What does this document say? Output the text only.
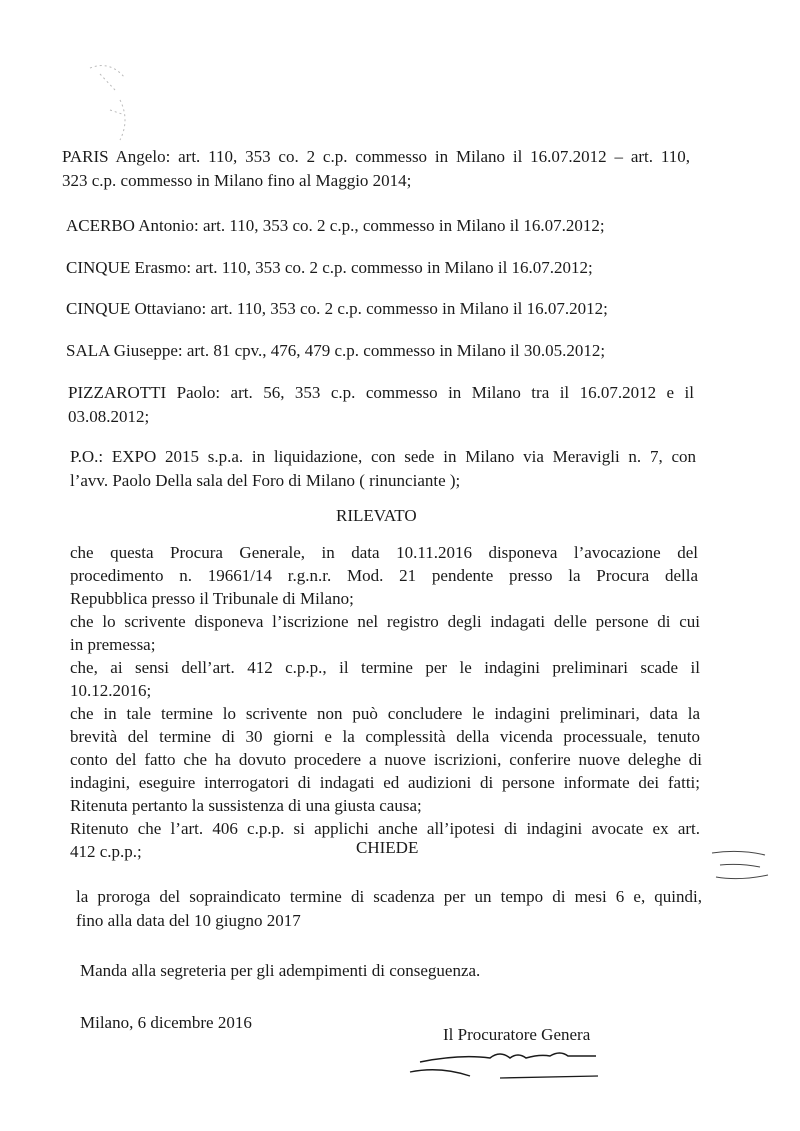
PARIS Angelo: art. 110, 353 co. 2 c.p. commesso in Milano il 16.07.2012 – art. 110,
323 c.p. commesso in Milano fino al Maggio 2014;
ACERBO Antonio: art. 110, 353 co. 2 c.p., commesso in Milano il 16.07.2012;
CINQUE Erasmo: art. 110, 353 co. 2 c.p. commesso in Milano il 16.07.2012;
CINQUE Ottaviano: art. 110, 353 co. 2 c.p. commesso in Milano il 16.07.2012;
SALA Giuseppe: art. 81 cpv., 476, 479 c.p. commesso in Milano il 30.05.2012;
PIZZAROTTI Paolo: art. 56, 353 c.p. commesso in Milano tra il 16.07.2012 e il
03.08.2012;
P.O.: EXPO 2015 s.p.a. in liquidazione, con sede in Milano via Meravigli n. 7, con
l’avv. Paolo Della sala del Foro di Milano ( rinunciante );
RILEVATO
che questa Procura Generale, in data 10.11.2016 disponeva l’avocazione del
procedimento n. 19661/14 r.g.n.r. Mod. 21 pendente presso la Procura della
Repubblica presso il Tribunale di Milano;
che lo scrivente disponeva l’iscrizione nel registro degli indagati delle persone di cui
in premessa;
che, ai sensi dell’art. 412 c.p.p., il termine per le indagini preliminari scade il
10.12.2016;
che in tale termine lo scrivente non può concludere le indagini preliminari, data la
brevità del termine di 30 giorni e la complessità della vicenda processuale, tenuto
conto del fatto che ha dovuto procedere a nuove iscrizioni, conferire nuove deleghe di
indagini, eseguire interrogatori di indagati ed audizioni di persone informate dei fatti;
Ritenuta pertanto la sussistenza di una giusta causa;
Ritenuto che l’art. 406 c.p.p. si applichi anche all’ipotesi di indagini avocate ex art.
412 c.p.p.;	CHIEDE
la proroga del sopraindicato termine di scadenza per un tempo di mesi 6 e, quindi,
fino alla data del 10 giugno 2017
Manda alla segreteria per gli adempimenti di conseguenza.
Milano, 6 dicembre 2016
Il Procuratore Genera
